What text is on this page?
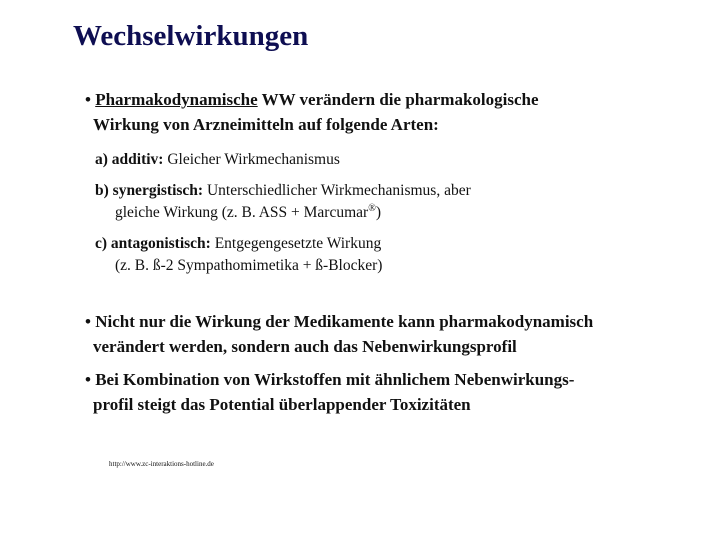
Wechselwirkungen
• Pharmakodynamische WW verändern die pharmakologische
Wirkung von Arzneimitteln auf folgende Arten:
a) additiv: Gleicher Wirkmechanismus
b) synergistisch: Unterschiedlicher Wirkmechanismus, aber
gleiche Wirkung (z. B. ASS + Marcumar®)
c) antagonistisch: Entgegengesetzte Wirkung
(z. B. ß-2 Sympathomimetika + ß-Blocker)
• Nicht nur die Wirkung der Medikamente kann pharmakodynamisch
verändert werden, sondern auch das Nebenwirkungsprofil
• Bei Kombination von Wirkstoffen mit ähnlichem Nebenwirkungs-
profil steigt das Potential überlappender Toxizitäten
http://www.zc-interaktions-hotline.de
